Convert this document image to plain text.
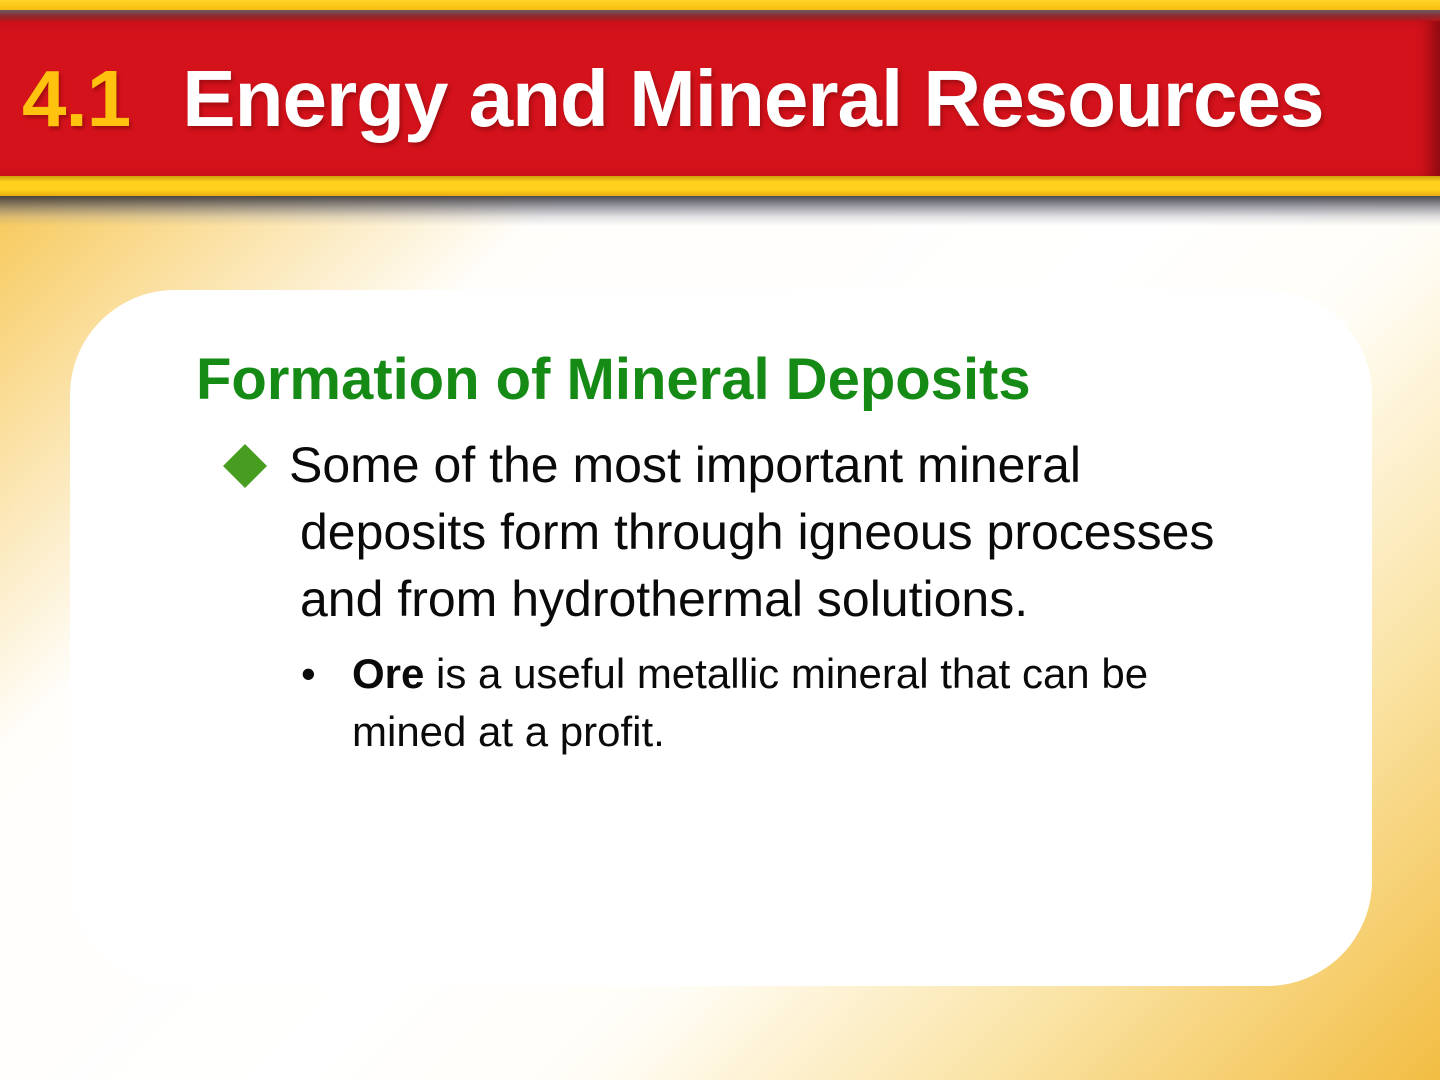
4.1 Energy and Mineral Resources
Formation of Mineral Deposits
Some of the most important mineral
deposits form through igneous processes
and from hydrothermal solutions.
• Ore is a useful metallic mineral that can be
mined at a profit.
